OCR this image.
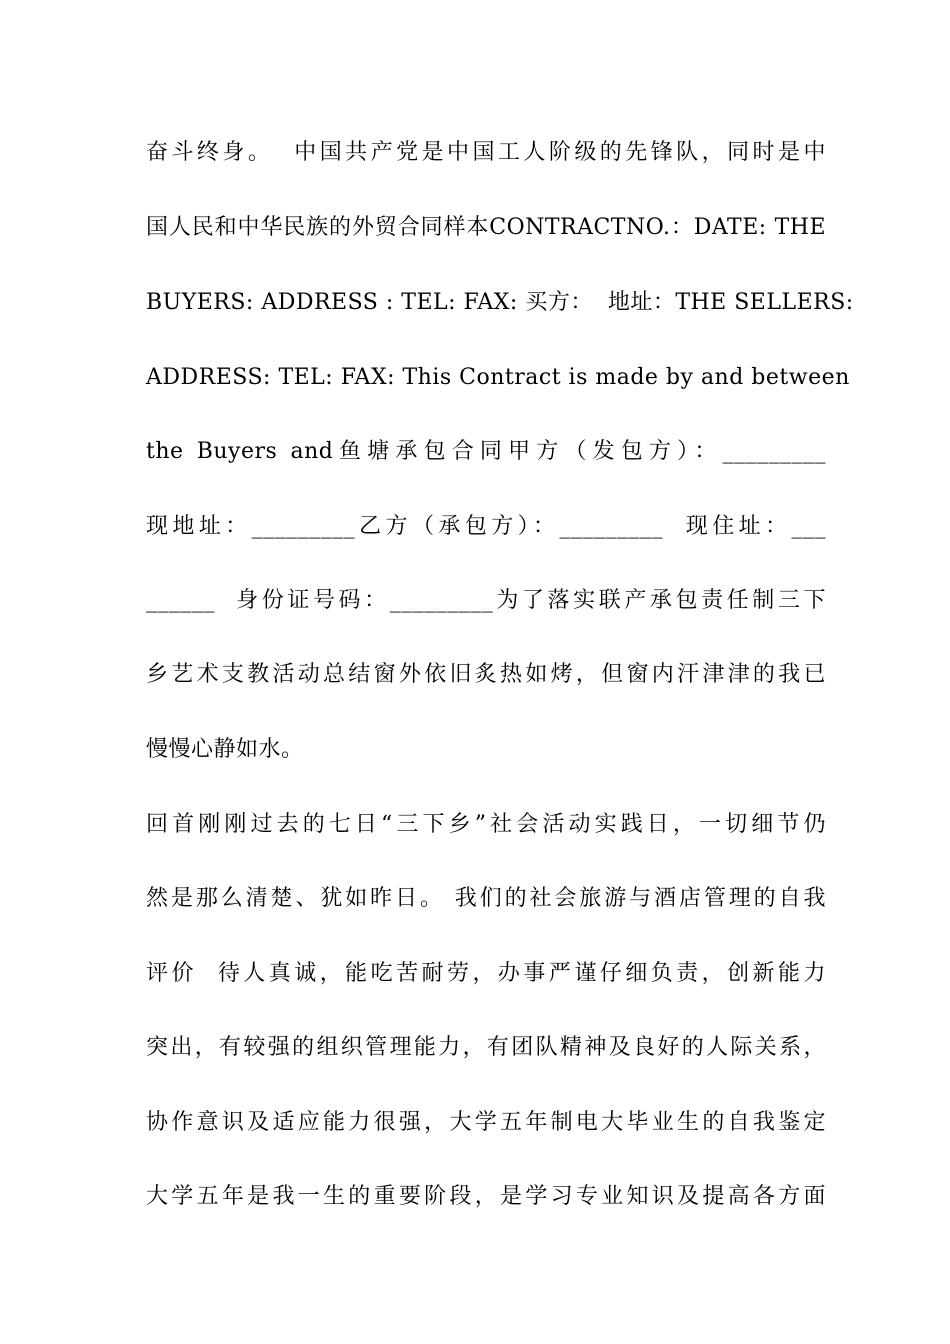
奋斗终身。  中国共产党是中国工人阶级的先锋队，同时是中
国人民和中华民族的外贸合同样本CONTRACTNO.：DATE: THE
BUYERS: ADDRESS : TEL: FAX: 买方：  地址：THE SELLERS:
ADDRESS: TEL: FAX: This Contract is made by and between
the Buyers and鱼塘承包合同甲方（发包方）：_________
现地址：_________乙方（承包方）：_________  现住址：___
______  身份证号码：_________为了落实联产承包责任制三下
乡艺术支教活动总结窗外依旧炙热如烤，但窗内汗津津的我已
慢慢心静如水。
回首刚刚过去的七日“三下乡”社会活动实践日，一切细节仍
然是那么清楚、犹如昨日。 我们的社会旅游与酒店管理的自我
评价  待人真诚，能吃苦耐劳，办事严谨仔细负责，创新能力
突出，有较强的组织管理能力，有团队精神及良好的人际关系，
协作意识及适应能力很强，大学五年制电大毕业生的自我鉴定
大学五年是我一生的重要阶段，是学习专业知识及提高各方面
